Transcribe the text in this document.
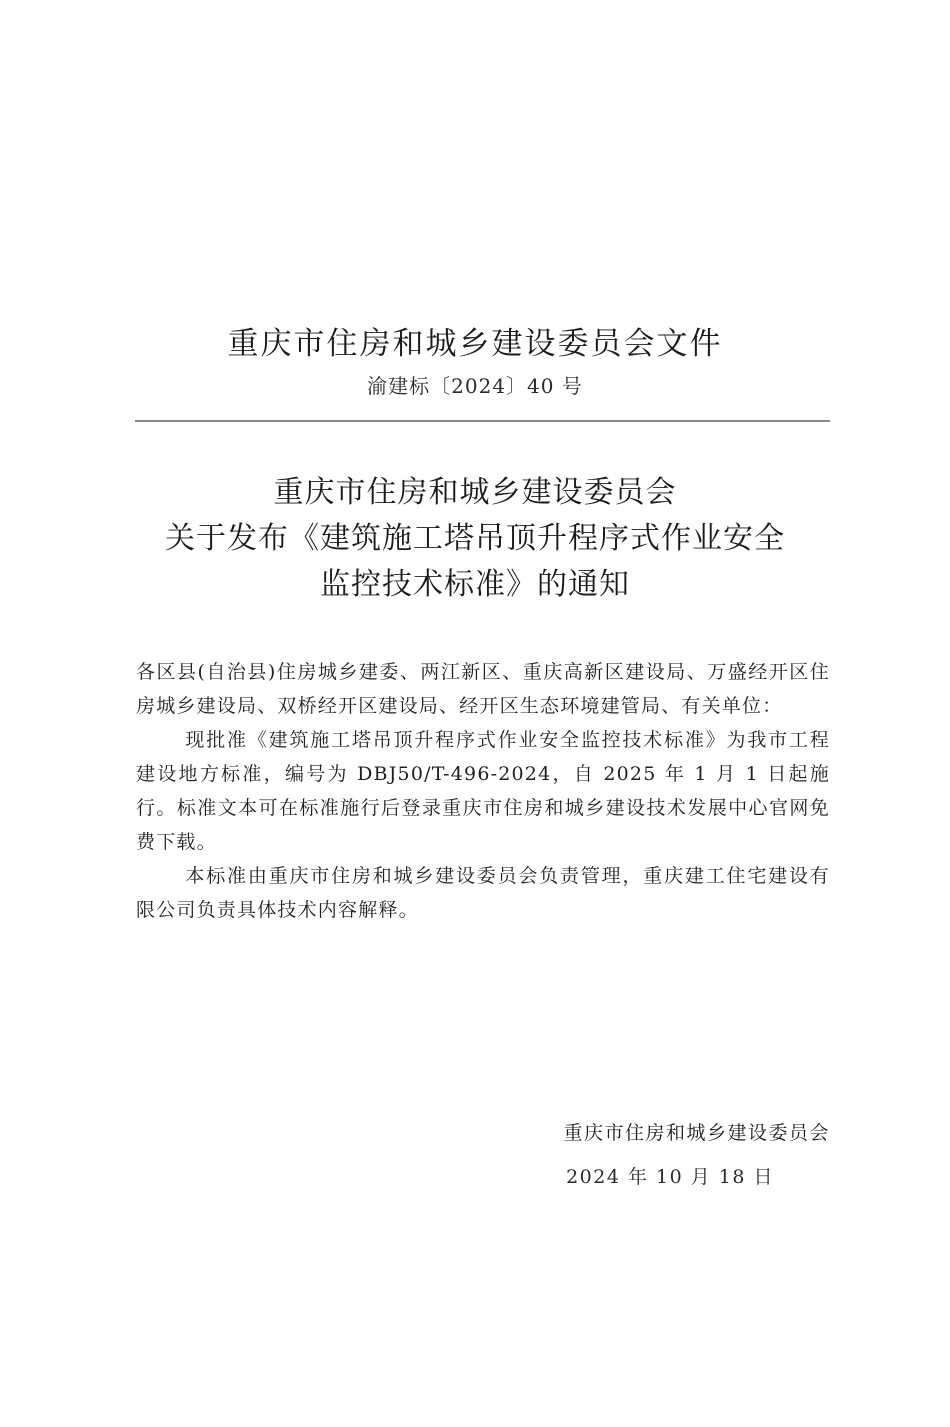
重庆市住房和城乡建设委员会文件
渝建标〔2024〕40 号
重庆市住房和城乡建设委员会
关于发布《建筑施工塔吊顶升程序式作业安全
监控技术标准》的通知

各区县(自治县)住房城乡建委、两江新区、重庆高新区建设局、万盛经开区住房城乡建设局、双桥经开区建设局、经开区生态环境建管局、有关单位：

现批准《建筑施工塔吊顶升程序式作业安全监控技术标准》为我市工程建设地方标准，编号为 DBJ50/T-496-2024，自 2025 年 1 月 1 日起施行。标准文本可在标准施行后登录重庆市住房和城乡建设技术发展中心官网免费下载。

本标准由重庆市住房和城乡建设委员会负责管理，重庆建工住宅建设有限公司负责具体技术内容解释。

重庆市住房和城乡建设委员会
2024 年 10 月 18 日
